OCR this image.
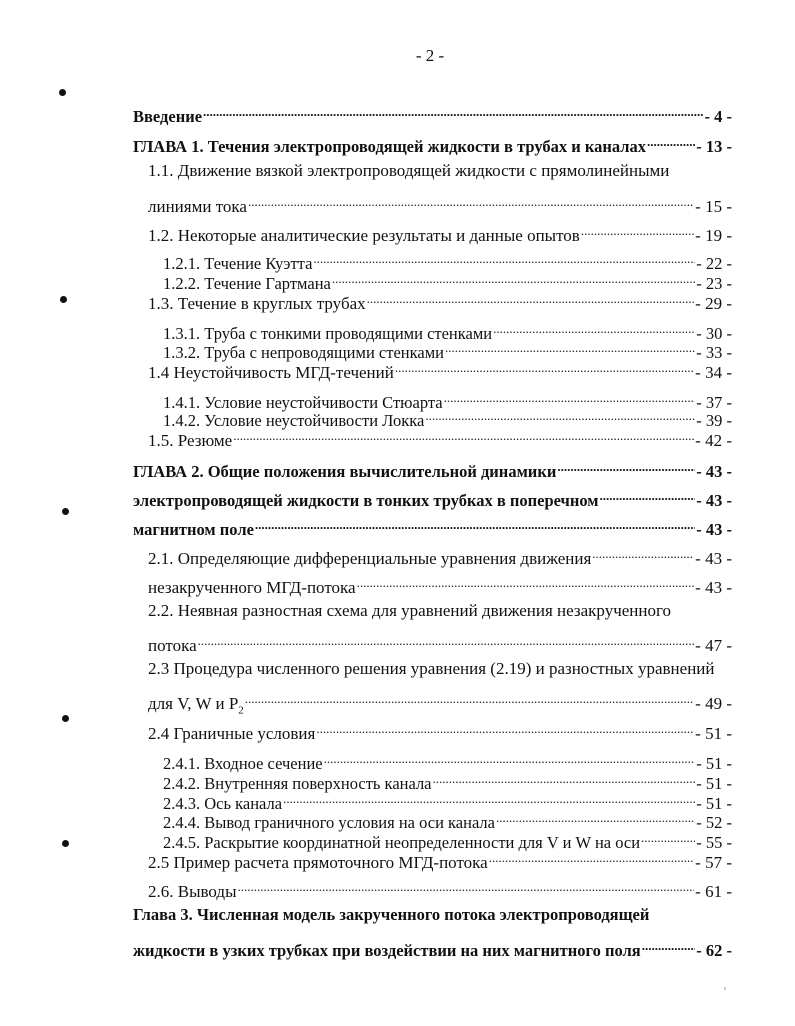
- 2 -
Введение .....	- 4 -
ГЛАВА 1. Течения электропроводящей жидкости в трубах и каналах .....	- 13 -
1.1. Движение вязкой электропроводящей жидкости с прямолинейными
линиями тока .....	- 15 -
1.2. Некоторые аналитические результаты и данные опытов .....	- 19 -
1.2.1. Течение Куэтта .....	- 22 -
1.2.2. Течение Гартмана .....	- 23 -
1.3. Течение в круглых трубах .....	- 29 -
1.3.1. Труба с тонкими проводящими стенками .....	- 30 -
1.3.2. Труба с непроводящими стенками .....	- 33 -
1.4 Неустойчивость МГД-течений .....	- 34 -
1.4.1. Условие неустойчивости Стюарта .....	- 37 -
1.4.2. Условие неустойчивости Локка .....	- 39 -
1.5. Резюме .....	- 42 -
ГЛАВА 2. Общие положения вычислительной динамики .....	- 43 -
электропроводящей жидкости в тонких трубках в поперечном .....	- 43 -
магнитном поле .....	- 43 -
2.1. Определяющие дифференциальные уравнения движения .....	- 43 -
незакрученного МГД-потока .....	- 43 -
2.2. Неявная разностная схема для уравнений движения незакрученного
потока .....	- 47 -
2.3 Процедура численного решения уравнения (2.19) и разностных уравнений
для V, W и $P_2$ .....	- 49 -
2.4 Граничные условия .....	- 51 -
2.4.1. Входное сечение .....	- 51 -
2.4.2. Внутренняя поверхность канала .....	- 51 -
2.4.3. Ось канала .....	- 51 -
2.4.4. Вывод граничного условия на оси канала .....	- 52 -
2.4.5. Раскрытие координатной неопределенности для V и W на оси .....	- 55 -
2.5 Пример расчета прямоточного МГД-потока .....	- 57 -
2.6. Выводы .....	- 61 -
Глава 3. Численная модель закрученного потока электропроводящей
жидкости в узких трубках при воздействии на них магнитного поля .....	- 62 -
